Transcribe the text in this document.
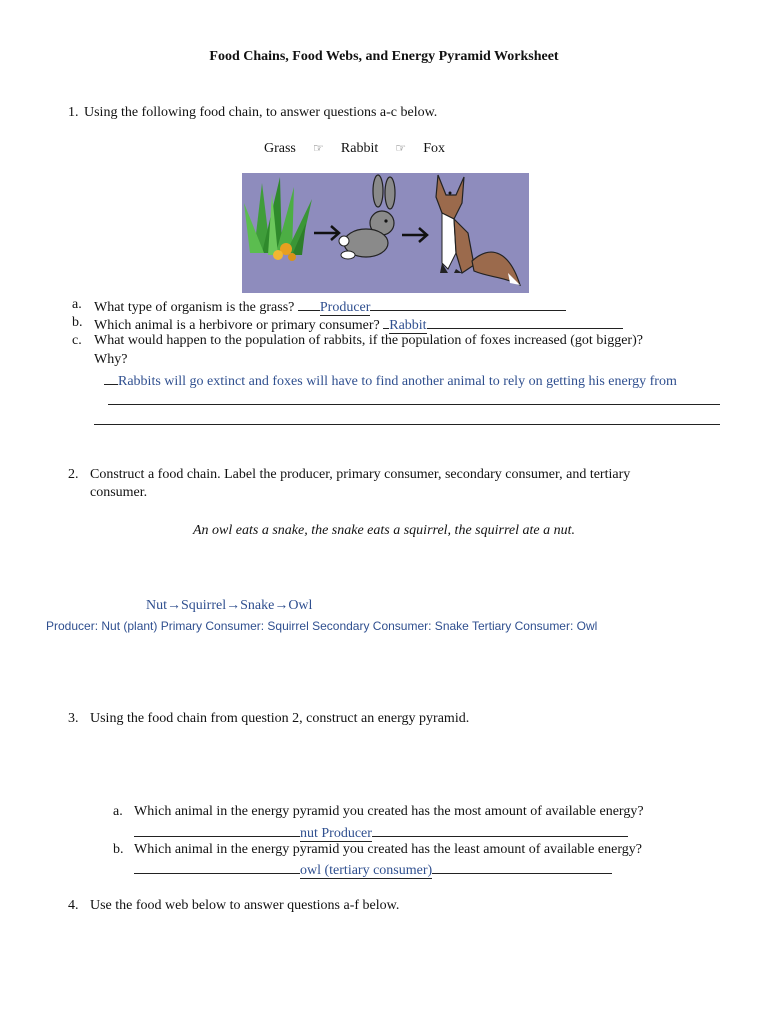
Food Chains, Food Webs, and Energy Pyramid Worksheet
1. Using the following food chain, to answer questions a-c below.
Grass ☞ Rabbit ☞ Fox
a. What type of organism is the grass? Producer
b. Which animal is a herbivore or primary consumer? Rabbit
c. What would happen to the population of rabbits, if the population of foxes increased (got bigger)?
Why?
Rabbits will go extinct and foxes will have to find another animal to rely on getting his energy from
2. Construct a food chain. Label the producer, primary consumer, secondary consumer, and tertiary
consumer.
An owl eats a snake, the snake eats a squirrel, the squirrel ate a nut.
Nut→Squirrel→Snake→Owl
Producer: Nut (plant) Primary Consumer: Squirrel Secondary Consumer: Snake Tertiary Consumer: Owl
3. Using the food chain from question 2, construct an energy pyramid.
a. Which animal in the energy pyramid you created has the most amount of available energy?
nut Producer
b. Which animal in the energy pyramid you created has the least amount of available energy?
owl (tertiary consumer)
4. Use the food web below to answer questions a-f below.
